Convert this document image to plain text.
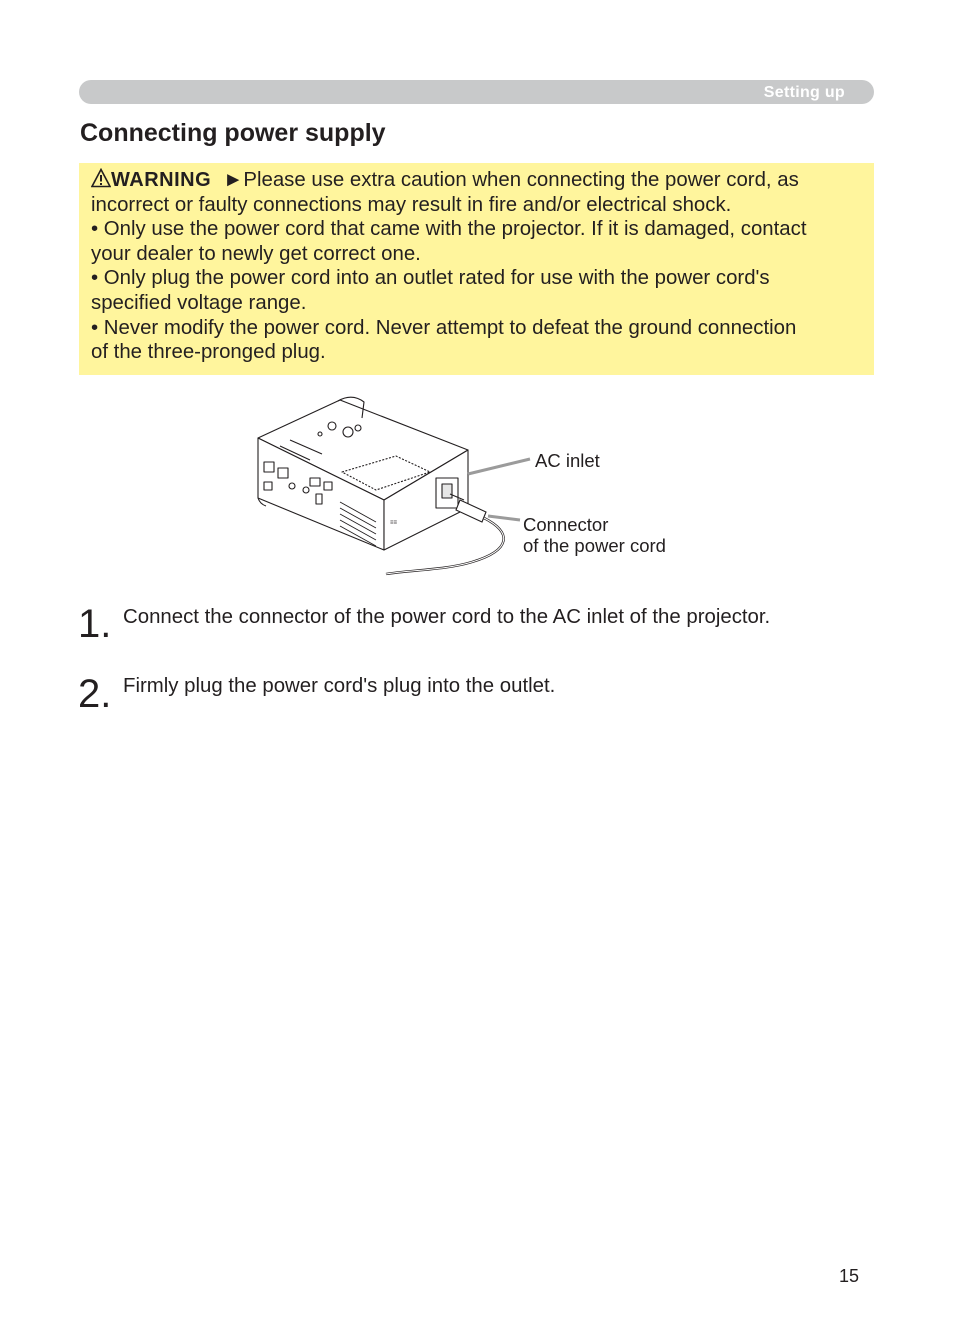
Setting up
Connecting power supply

WARNING ►Please use extra caution when connecting the power cord, as

incorrect or faulty connections may result in fire and/or electrical shock.

• Only use the power cord that came with the projector. If it is damaged, contact

your dealer to newly get correct one.

• Only plug the power cord into an outlet rated for use with the power cord's

specified voltage range.

• Never modify the power cord. Never attempt to defeat the ground connection

of the three-pronged plug.

≡≡
AC inlet
Connector
of the power cord
1. Connect the connector of the power cord to the AC inlet of the projector.
2. Firmly plug the power cord's plug into the outlet.
15
